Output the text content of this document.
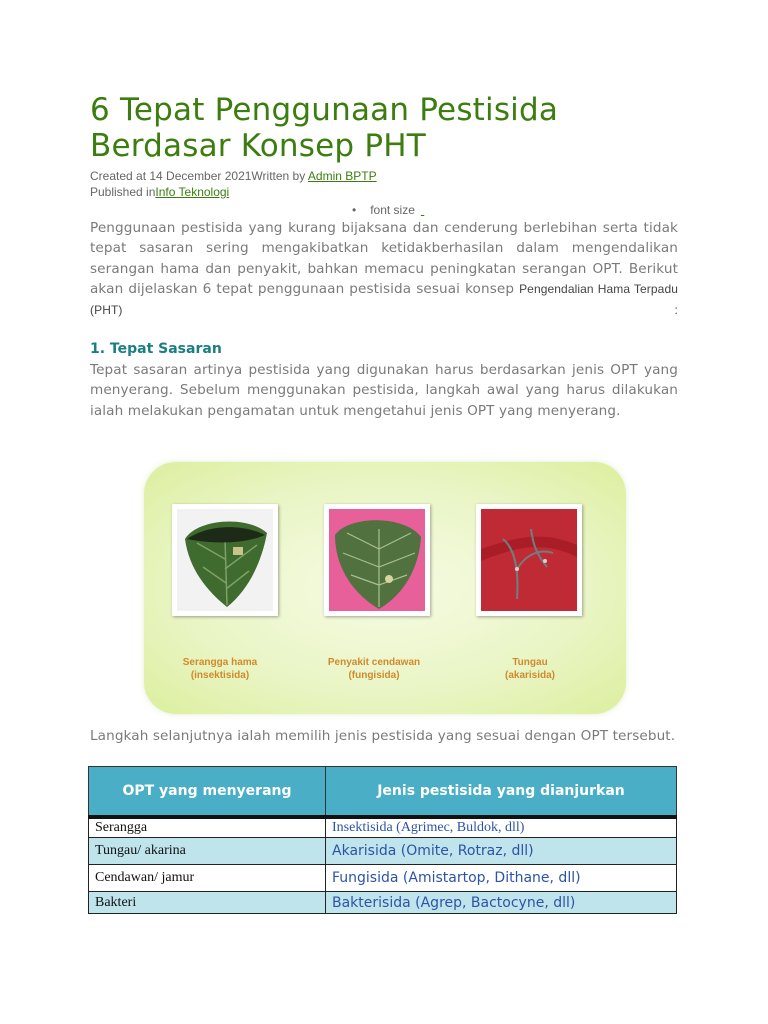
6 Tepat Penggunaan Pestisida Berdasar Konsep PHT
Created at 14 December 2021Written by Admin BPTP
Published inInfo Teknologi
• font size

Penggunaan pestisida yang kurang bijaksana dan cenderung berlebihan serta tidak tepat sasaran sering mengakibatkan ketidakberhasilan dalam mengendalikan serangan hama dan penyakit, bahkan memacu peningkatan serangan OPT. Berikut akan dijelaskan 6 tepat penggunaan pestisida sesuai konsep Pengendalian Hama Terpadu (PHT) :

1. Tepat Sasaran

Tepat sasaran artinya pestisida yang digunakan harus berdasarkan jenis OPT yang menyerang. Sebelum menggunakan pestisida, langkah awal yang harus dilakukan ialah melakukan pengamatan untuk mengetahui jenis OPT yang menyerang.

Serangga hama
(insektisida)
Penyakit cendawan
(fungisida)
Tungau
(akarisida)

Langkah selanjutnya ialah memilih jenis pestisida yang sesuai dengan OPT tersebut.

OPT yang menyerang	Jenis pestisida yang dianjurkan
Serangga	Insektisida (Agrimec, Buldok, dll)
Tungau/ akarina	Akarisida (Omite, Rotraz, dll)
Cendawan/ jamur	Fungisida (Amistartop, Dithane, dll)
Bakteri	Bakterisida (Agrep, Bactocyne, dll)
